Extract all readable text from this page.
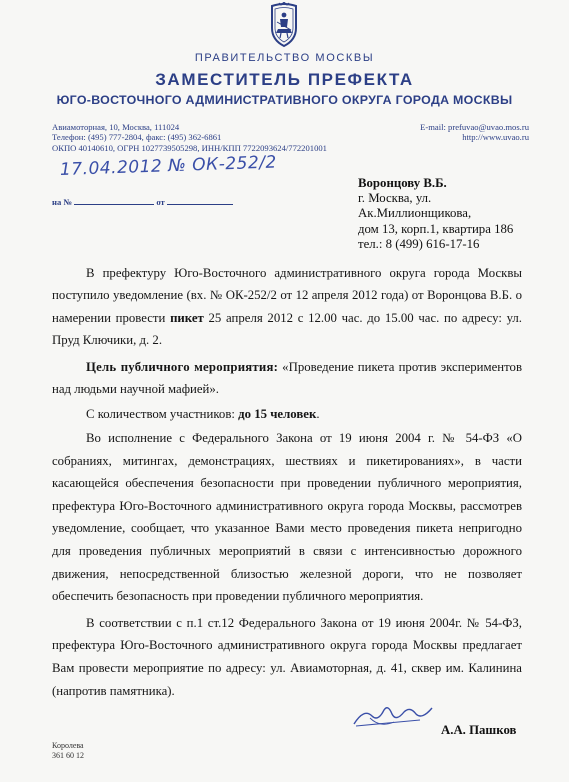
ПРАВИТЕЛЬСТВО МОСКВЫ
ЗАМЕСТИТЕЛЬ ПРЕФЕКТА
ЮГО-ВОСТОЧНОГО АДМИНИСТРАТИВНОГО ОКРУГА ГОРОДА МОСКВЫ
Авиамоторная, 10, Москва, 111024
Телефон: (495) 777-2804, факс: (495) 362-6861
ОКПО 40140610, ОГРН 1027739505298, ИНН/КПП 7722093624/772201001
E-mail: prefuvao@uvao.mos.ru
http://www.uvao.ru
17.04.2012 № ОК-252/2
на №	от
Воронцову В.Б.
г. Москва, ул.
Ак.Миллионщикова,
дом 13, корп.1, квартира 186
тел.: 8 (499) 616-17-16

В префектуру Юго-Восточного административного округа города Москвы поступило уведомление (вх. № ОК-252/2 от 12 апреля 2012 года) от Воронцова В.Б. о намерении провести пикет 25 апреля 2012 с 12.00 час. до 15.00 час. по адресу: ул. Пруд Ключики, д. 2.

Цель публичного мероприятия: «Проведение пикета против экспериментов над людьми научной мафией».

С количеством участников: до 15 человек.

Во исполнение с Федерального Закона от 19 июня 2004 г. № 54-ФЗ «О собраниях, митингах, демонстрациях, шествиях и пикетированиях», в части касающейся обеспечения безопасности при проведении публичного мероприятия, префектура Юго-Восточного административного округа города Москвы, рассмотрев уведомление, сообщает, что указанное Вами место проведения пикета непригодно для проведения публичных мероприятий в связи с интенсивностью дорожного движения, непосредственной близостью железной дороги, что не позволяет обеспечить безопасность при проведении публичного мероприятия.

В соответствии с п.1 ст.12 Федерального Закона от 19 июня 2004г. № 54-ФЗ, префектура Юго-Восточного административного округа города Москвы предлагает Вам провести мероприятие по адресу: ул. Авиамоторная, д. 41, сквер им. Калинина (напротив памятника).

А.А. Пашков
Королева
361 60 12
